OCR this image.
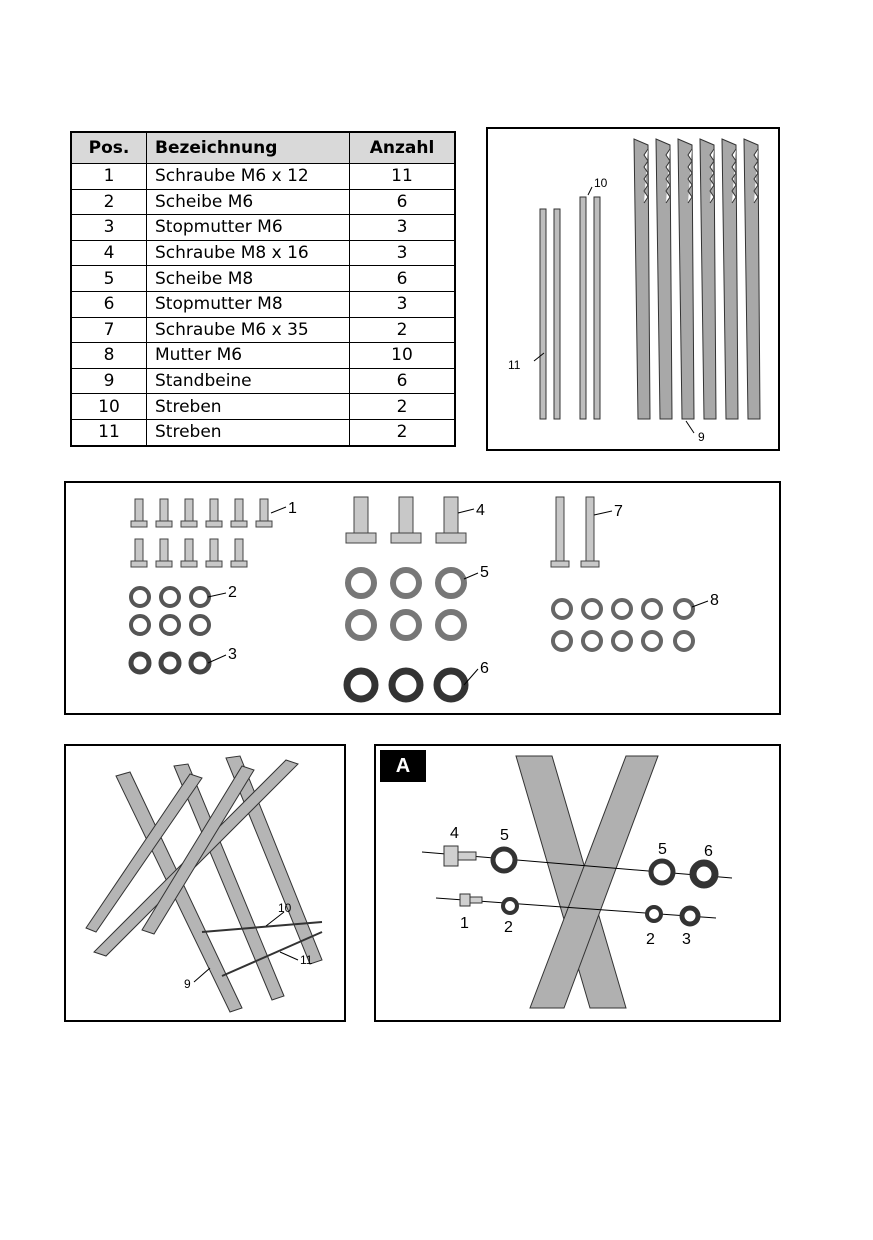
Pos.	Bezeichnung	Anzahl
1	Schraube M6 x 12	11
2	Scheibe M6	6
3	Stopmutter M6	3
4	Schraube M8 x 16	3
5	Scheibe M8	6
6	Stopmutter M8	3
7	Schraube M6 x 35	2
8	Mutter M6	10
9	Standbeine	6
10	Streben	2
11	Streben	2
10
11
9
1
2
3
4
5
6
7
8
10
11
9
A
4	5
5 6
1 2
2 3
